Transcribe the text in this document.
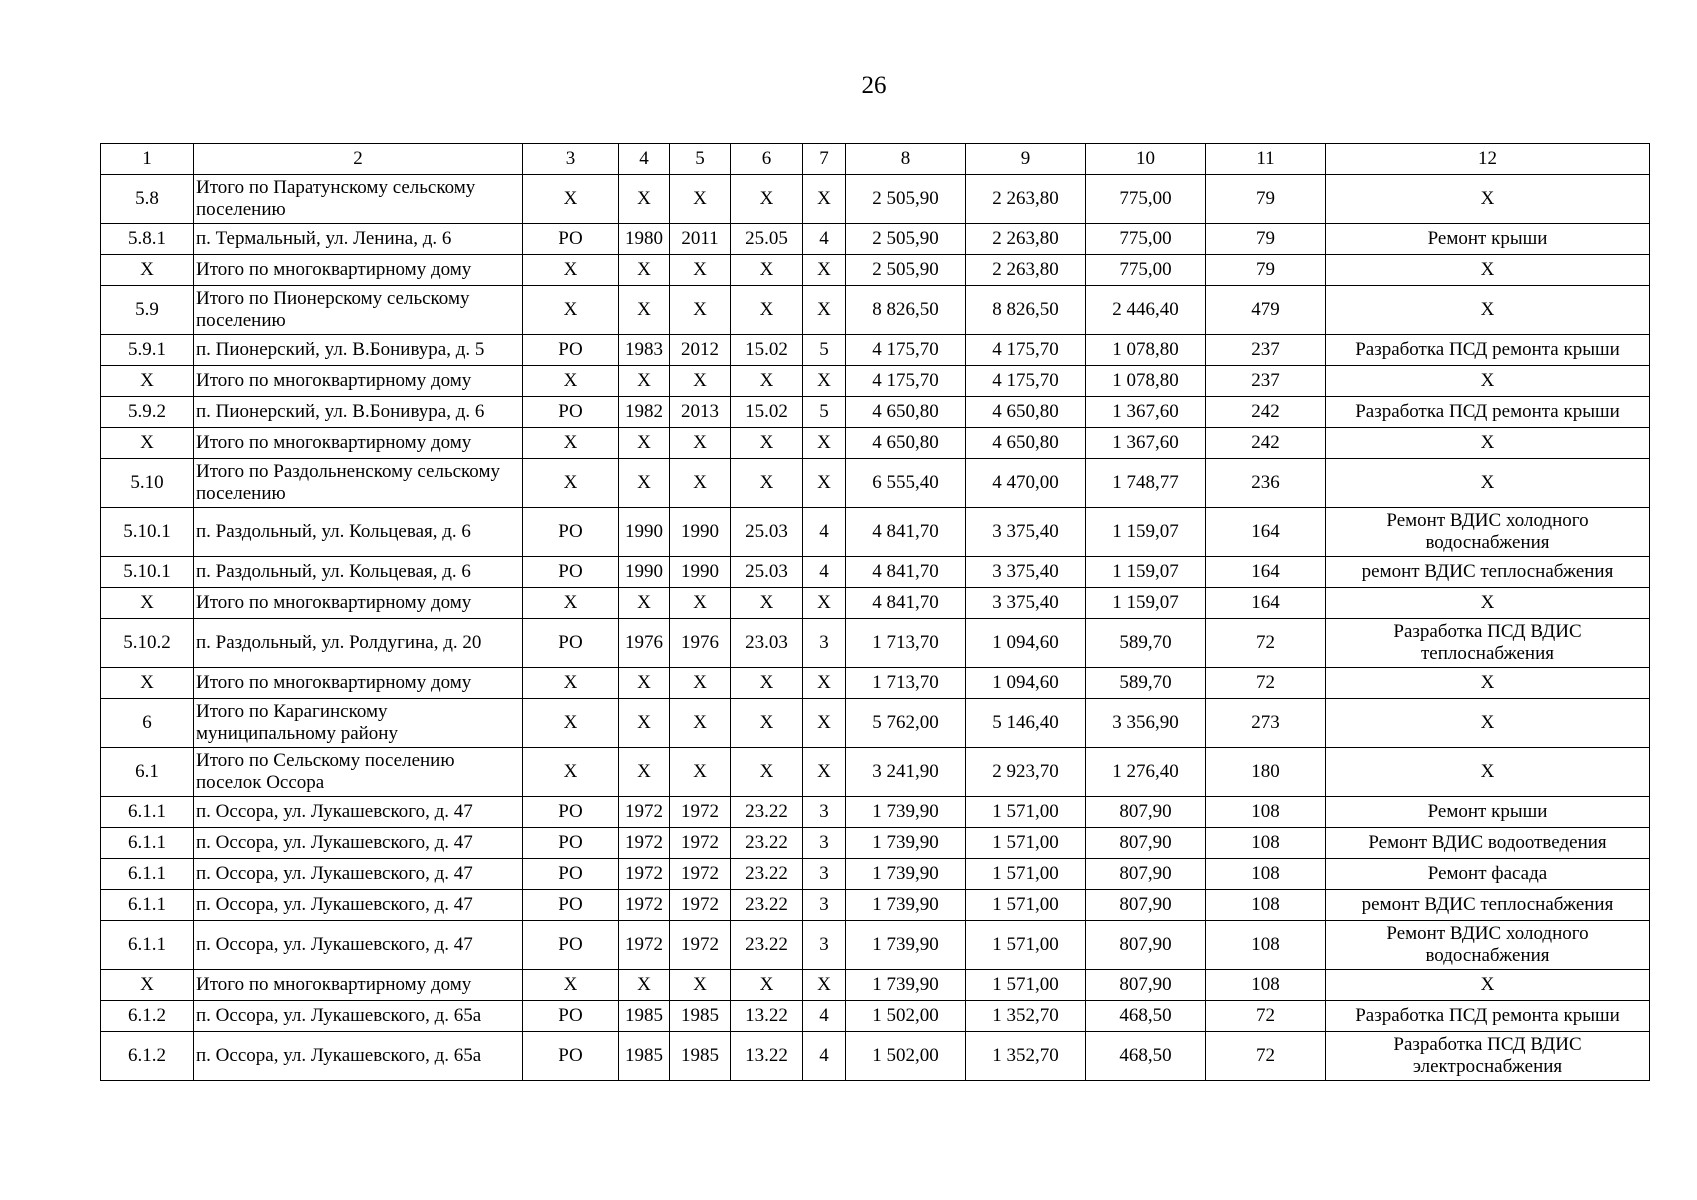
26
1	2	3	4	5	6	7	8	9	10	11	12
5.8	Итого по Паратунскому сельскому поселению	X	X	X	X	X	2 505,90	2 263,80	775,00	79	X
5.8.1	п. Термальный, ул. Ленина, д. 6	РО	1980	2011	25.05	4	2 505,90	2 263,80	775,00	79	Ремонт крыши
X	Итого по многоквартирному дому	X	X	X	X	X	2 505,90	2 263,80	775,00	79	X
5.9	Итого по Пионерскому сельскому поселению	X	X	X	X	X	8 826,50	8 826,50	2 446,40	479	X
5.9.1	п. Пионерский, ул. В.Бонивура, д. 5	РО	1983	2012	15.02	5	4 175,70	4 175,70	1 078,80	237	Разработка ПСД ремонта крыши
X	Итого по многоквартирному дому	X	X	X	X	X	4 175,70	4 175,70	1 078,80	237	X
5.9.2	п. Пионерский, ул. В.Бонивура, д. 6	РО	1982	2013	15.02	5	4 650,80	4 650,80	1 367,60	242	Разработка ПСД ремонта крыши
X	Итого по многоквартирному дому	X	X	X	X	X	4 650,80	4 650,80	1 367,60	242	X
5.10	Итого по Раздольненскому сельскому поселению	X	X	X	X	X	6 555,40	4 470,00	1 748,77	236	X
5.10.1	п. Раздольный, ул. Кольцевая, д. 6	РО	1990	1990	25.03	4	4 841,70	3 375,40	1 159,07	164	Ремонт ВДИС холодного водоснабжения
5.10.1	п. Раздольный, ул. Кольцевая, д. 6	РО	1990	1990	25.03	4	4 841,70	3 375,40	1 159,07	164	ремонт ВДИС теплоснабжения
X	Итого по многоквартирному дому	X	X	X	X	X	4 841,70	3 375,40	1 159,07	164	X
5.10.2	п. Раздольный, ул. Ролдугина, д. 20	РО	1976	1976	23.03	3	1 713,70	1 094,60	589,70	72	Разработка ПСД ВДИС теплоснабжения
X	Итого по многоквартирному дому	X	X	X	X	X	1 713,70	1 094,60	589,70	72	X
6	Итого по Карагинскому муниципальному району	X	X	X	X	X	5 762,00	5 146,40	3 356,90	273	X
6.1	Итого по Сельскому поселению поселок Оссора	X	X	X	X	X	3 241,90	2 923,70	1 276,40	180	X
6.1.1	п. Оссора, ул. Лукашевского, д. 47	РО	1972	1972	23.22	3	1 739,90	1 571,00	807,90	108	Ремонт крыши
6.1.1	п. Оссора, ул. Лукашевского, д. 47	РО	1972	1972	23.22	3	1 739,90	1 571,00	807,90	108	Ремонт ВДИС водоотведения
6.1.1	п. Оссора, ул. Лукашевского, д. 47	РО	1972	1972	23.22	3	1 739,90	1 571,00	807,90	108	Ремонт фасада
6.1.1	п. Оссора, ул. Лукашевского, д. 47	РО	1972	1972	23.22	3	1 739,90	1 571,00	807,90	108	ремонт ВДИС теплоснабжения
6.1.1	п. Оссора, ул. Лукашевского, д. 47	РО	1972	1972	23.22	3	1 739,90	1 571,00	807,90	108	Ремонт ВДИС холодного водоснабжения
X	Итого по многоквартирному дому	X	X	X	X	X	1 739,90	1 571,00	807,90	108	X
6.1.2	п. Оссора, ул. Лукашевского, д. 65а	РО	1985	1985	13.22	4	1 502,00	1 352,70	468,50	72	Разработка ПСД ремонта крыши
6.1.2	п. Оссора, ул. Лукашевского, д. 65а	РО	1985	1985	13.22	4	1 502,00	1 352,70	468,50	72	Разработка ПСД ВДИС электроснабжения
